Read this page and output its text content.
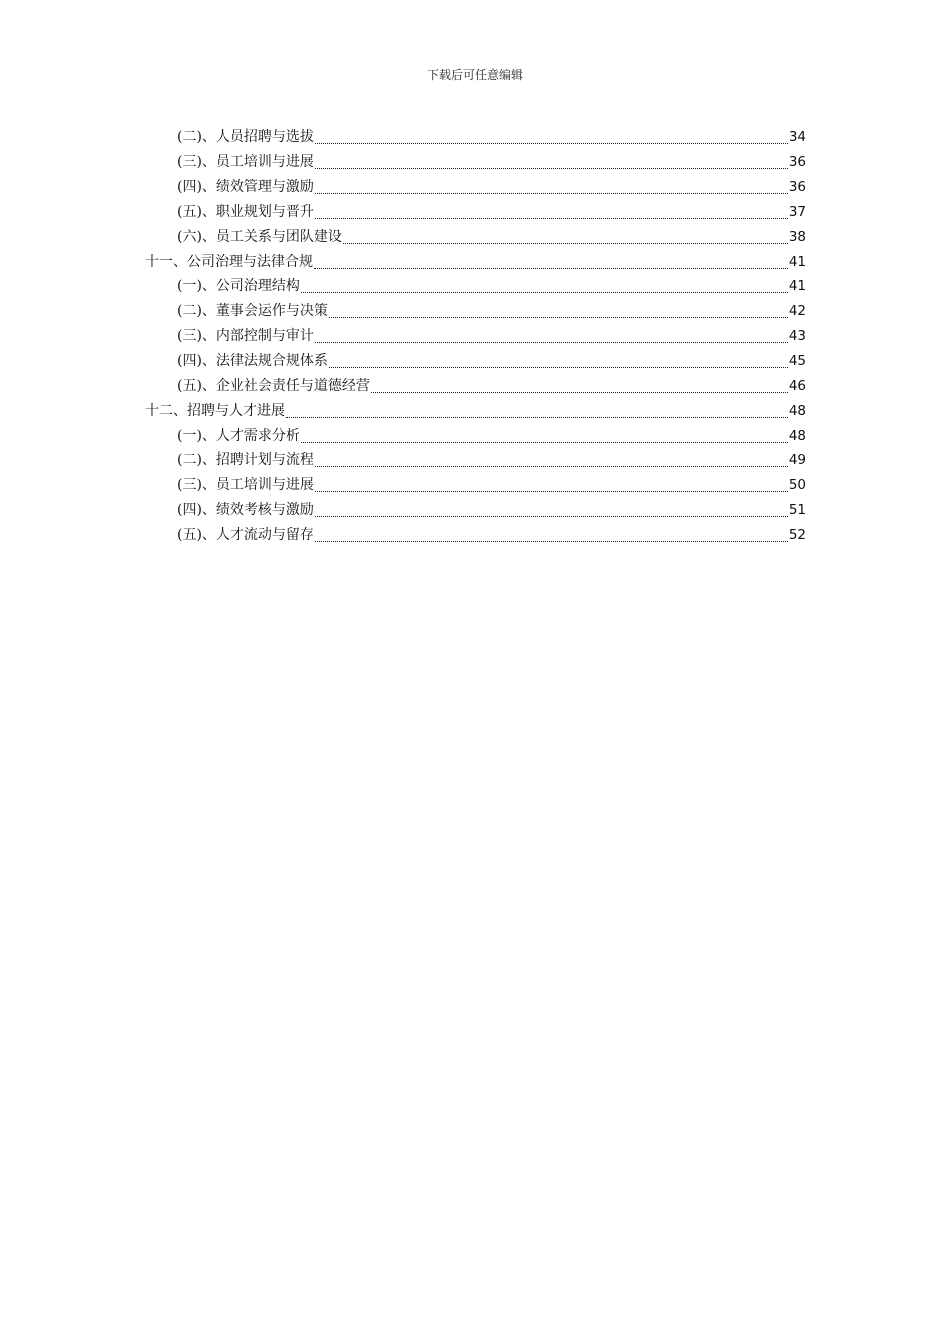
下载后可任意编辑
(二)、人员招聘与选拔	34
(三)、员工培训与进展	36
(四)、绩效管理与激励	36
(五)、职业规划与晋升	37
(六)、员工关系与团队建设	38
十一、公司治理与法律合规	41
(一)、公司治理结构	41
(二)、董事会运作与决策	42
(三)、内部控制与审计	43
(四)、法律法规合规体系	45
(五)、企业社会责任与道德经营	46
十二、招聘与人才进展	48
(一)、人才需求分析	48
(二)、招聘计划与流程	49
(三)、员工培训与进展	50
(四)、绩效考核与激励	51
(五)、人才流动与留存	52
